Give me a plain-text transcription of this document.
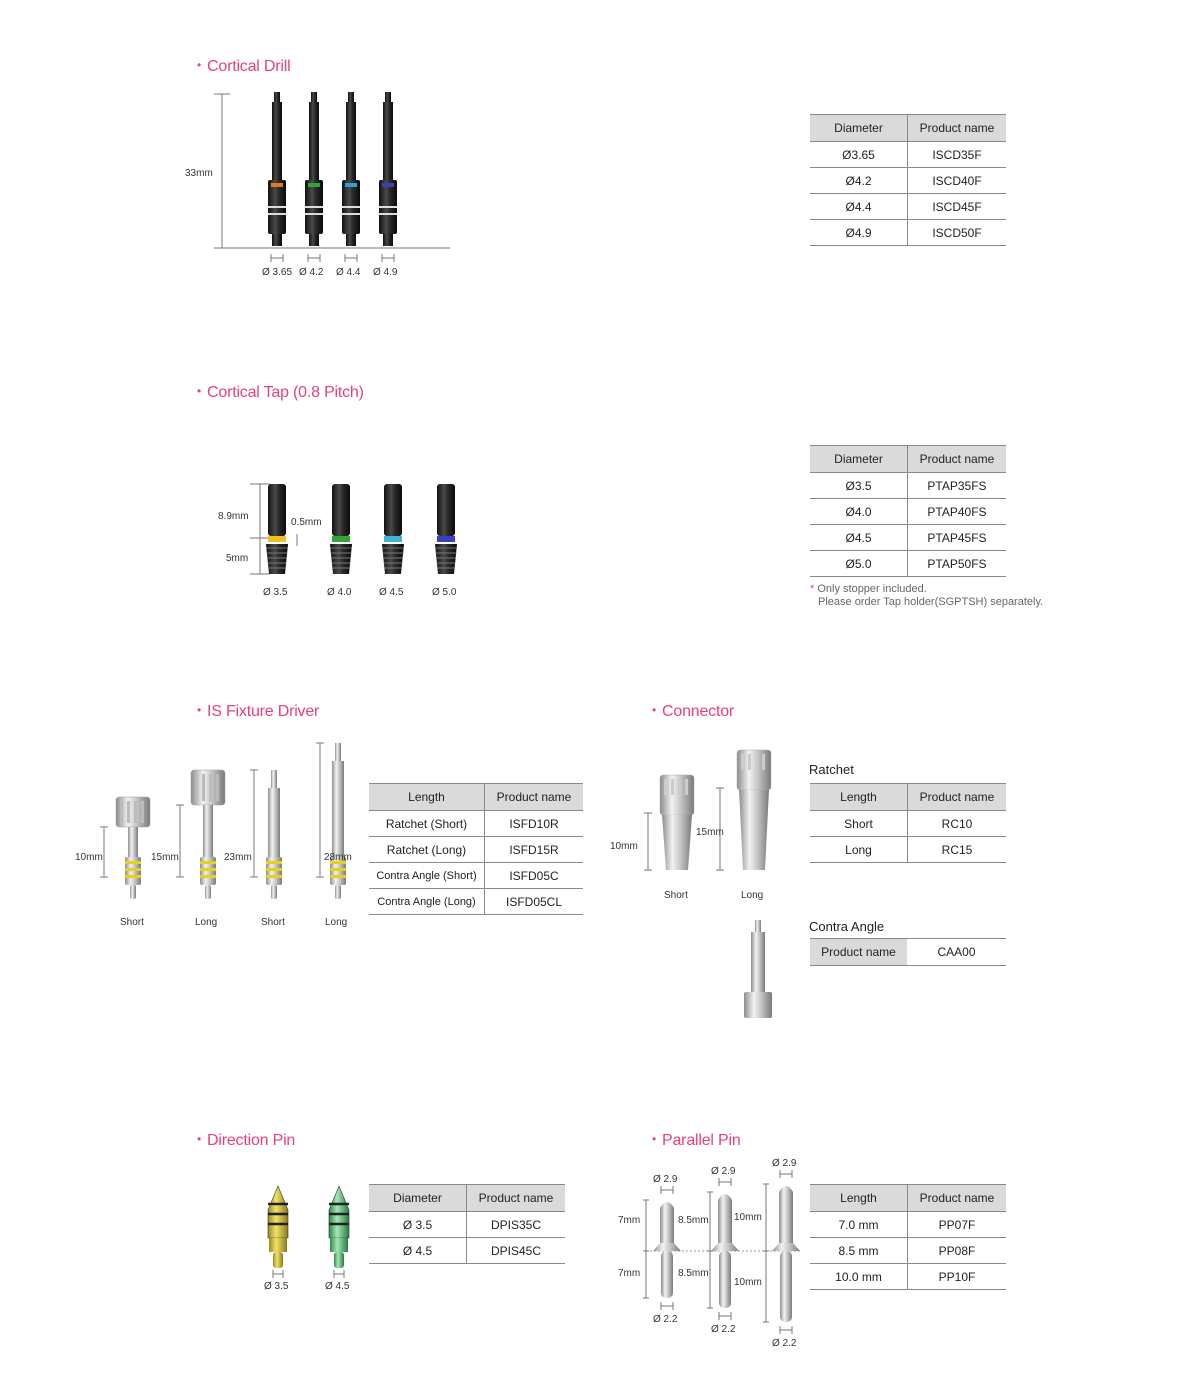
• Cortical Drill
33mm
Ø 3.65 Ø 4.2 Ø 4.4 Ø 4.9
Diameter	Product name
Ø3.65	ISCD35F
Ø4.2	ISCD40F
Ø4.4	ISCD45F
Ø4.9	ISCD50F
• Cortical Tap (0.8 Pitch)
8.9mm
5mm
0.5mm
Ø 3.5	Ø 4.0	Ø 4.5	Ø 5.0
Diameter	Product name
Ø3.5	PTAP35FS
Ø4.0	PTAP40FS
Ø4.5	PTAP45FS
Ø5.0	PTAP50FS
* Only stopper included.
Please order Tap holder(SGPTSH) separately.
• IS Fixture Driver
10mm
Short
15mm
Long
23mm
Short
28mm
Long
Length	Product name
Ratchet (Short)	ISFD10R
Ratchet (Long)	ISFD15R
Contra Angle (Short)	ISFD05C
Contra Angle (Long)	ISFD05CL
• Connector
10mm
Short
15mm
Long
Ratchet
Length	Product name
Short	RC10
Long	RC15
Contra Angle
Product name	CAA00
• Direction Pin
Ø 3.5	Ø 4.5
Diameter	Product name
Ø 3.5	DPIS35C
Ø 4.5	DPIS45C
• Parallel Pin
Ø 2.9
Ø 2.2
7mm
7mm
Ø 2.9
Ø 2.2
8.5mm
8.5mm
Ø 2.9
Ø 2.2
10mm
10mm
Length	Product name
7.0 mm	PP07F
8.5 mm	PP08F
10.0 mm	PP10F
